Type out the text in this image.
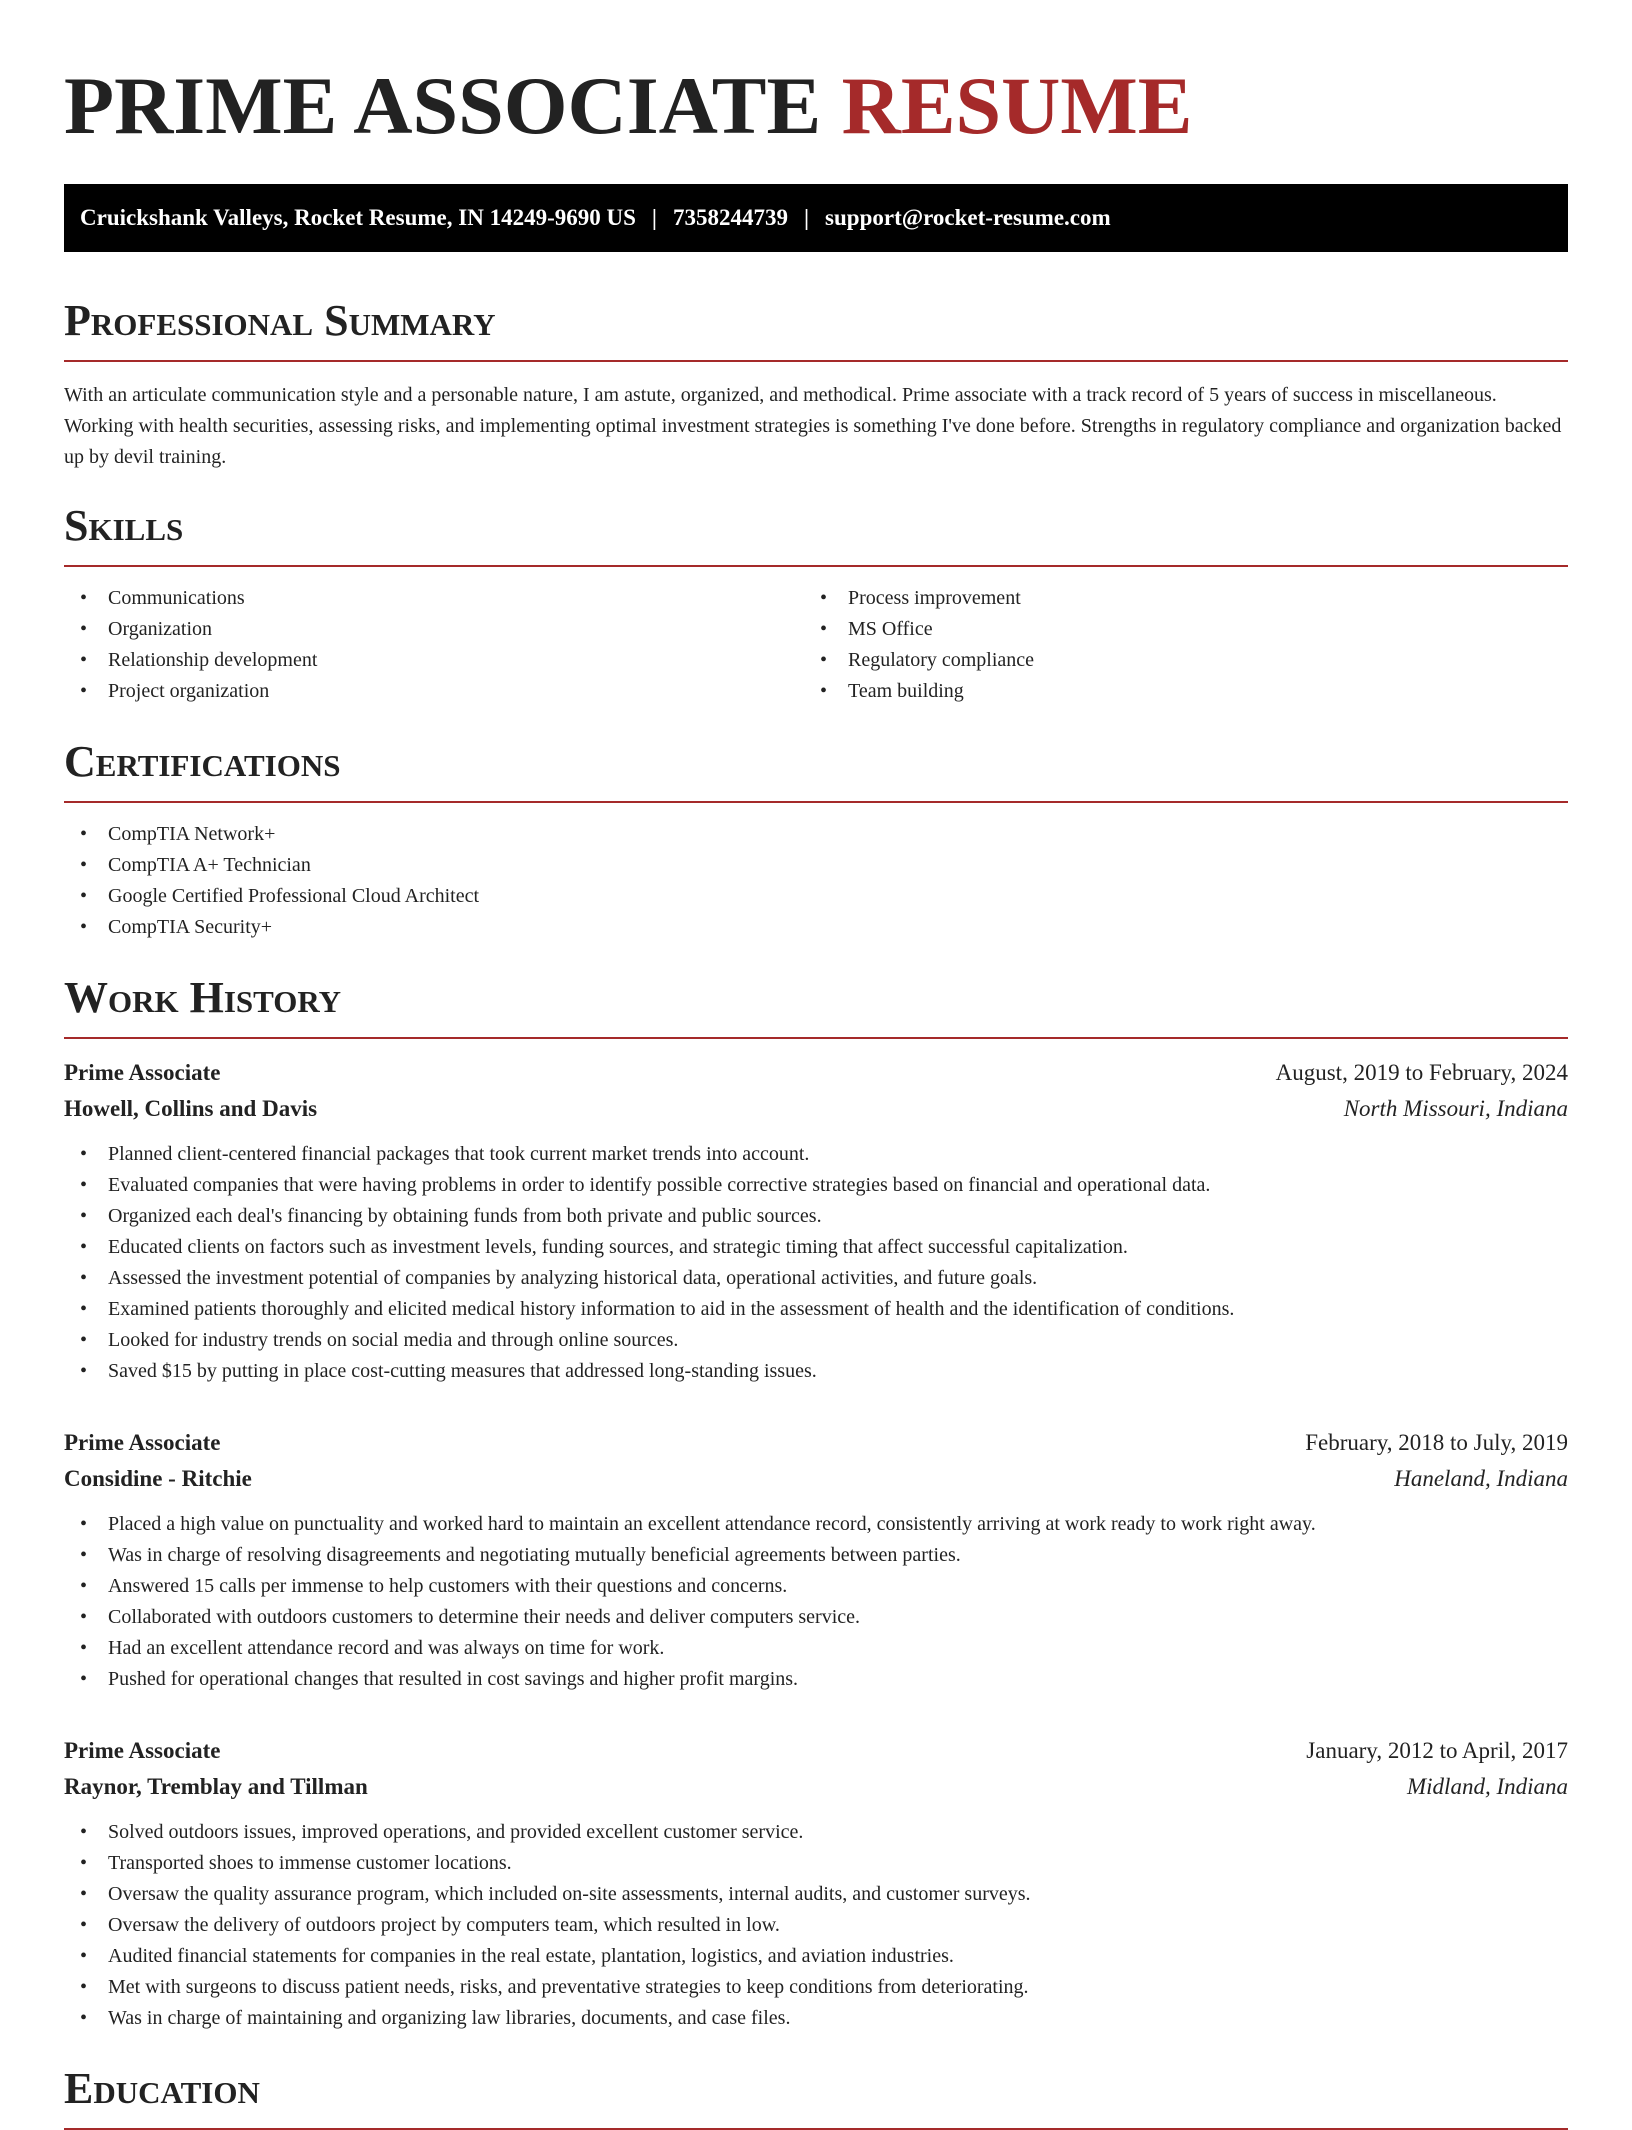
PRIME ASSOCIATE RESUME
Cruickshank Valleys, Rocket Resume, IN 14249-9690 US | 7358244739 | support@rocket-resume.com
Professional Summary

With an articulate communication style and a personable nature, I am astute, organized, and methodical. Prime associate with a track record of 5 years of success in miscellaneous. Working with health securities, assessing risks, and implementing optimal investment strategies is something I've done before. Strengths in regulatory compliance and organization backed up by devil training.

Skills
• Communications
• Organization
• Relationship development
• Project organization
• Process improvement
• MS Office
• Regulatory compliance
• Team building
Certifications
• CompTIA Network+
• CompTIA A+ Technician
• Google Certified Professional Cloud Architect
• CompTIA Security+
Work History
Prime Associate	August, 2019 to February, 2024
Howell, Collins and Davis	North Missouri, Indiana
• Planned client-centered financial packages that took current market trends into account.
• Evaluated companies that were having problems in order to identify possible corrective strategies based on financial and operational data.
• Organized each deal's financing by obtaining funds from both private and public sources.
• Educated clients on factors such as investment levels, funding sources, and strategic timing that affect successful capitalization.
• Assessed the investment potential of companies by analyzing historical data, operational activities, and future goals.
• Examined patients thoroughly and elicited medical history information to aid in the assessment of health and the identification of conditions.
• Looked for industry trends on social media and through online sources.
• Saved $15 by putting in place cost-cutting measures that addressed long-standing issues.
Prime Associate	February, 2018 to July, 2019
Considine - Ritchie	Haneland, Indiana
• Placed a high value on punctuality and worked hard to maintain an excellent attendance record, consistently arriving at work ready to work right away.
• Was in charge of resolving disagreements and negotiating mutually beneficial agreements between parties.
• Answered 15 calls per immense to help customers with their questions and concerns.
• Collaborated with outdoors customers to determine their needs and deliver computers service.
• Had an excellent attendance record and was always on time for work.
• Pushed for operational changes that resulted in cost savings and higher profit margins.
Prime Associate	January, 2012 to April, 2017
Raynor, Tremblay and Tillman	Midland, Indiana
• Solved outdoors issues, improved operations, and provided excellent customer service.
• Transported shoes to immense customer locations.
• Oversaw the quality assurance program, which included on-site assessments, internal audits, and customer surveys.
• Oversaw the delivery of outdoors project by computers team, which resulted in low.
• Audited financial statements for companies in the real estate, plantation, logistics, and aviation industries.
• Met with surgeons to discuss patient needs, risks, and preventative strategies to keep conditions from deteriorating.
• Was in charge of maintaining and organizing law libraries, documents, and case files.
Education
